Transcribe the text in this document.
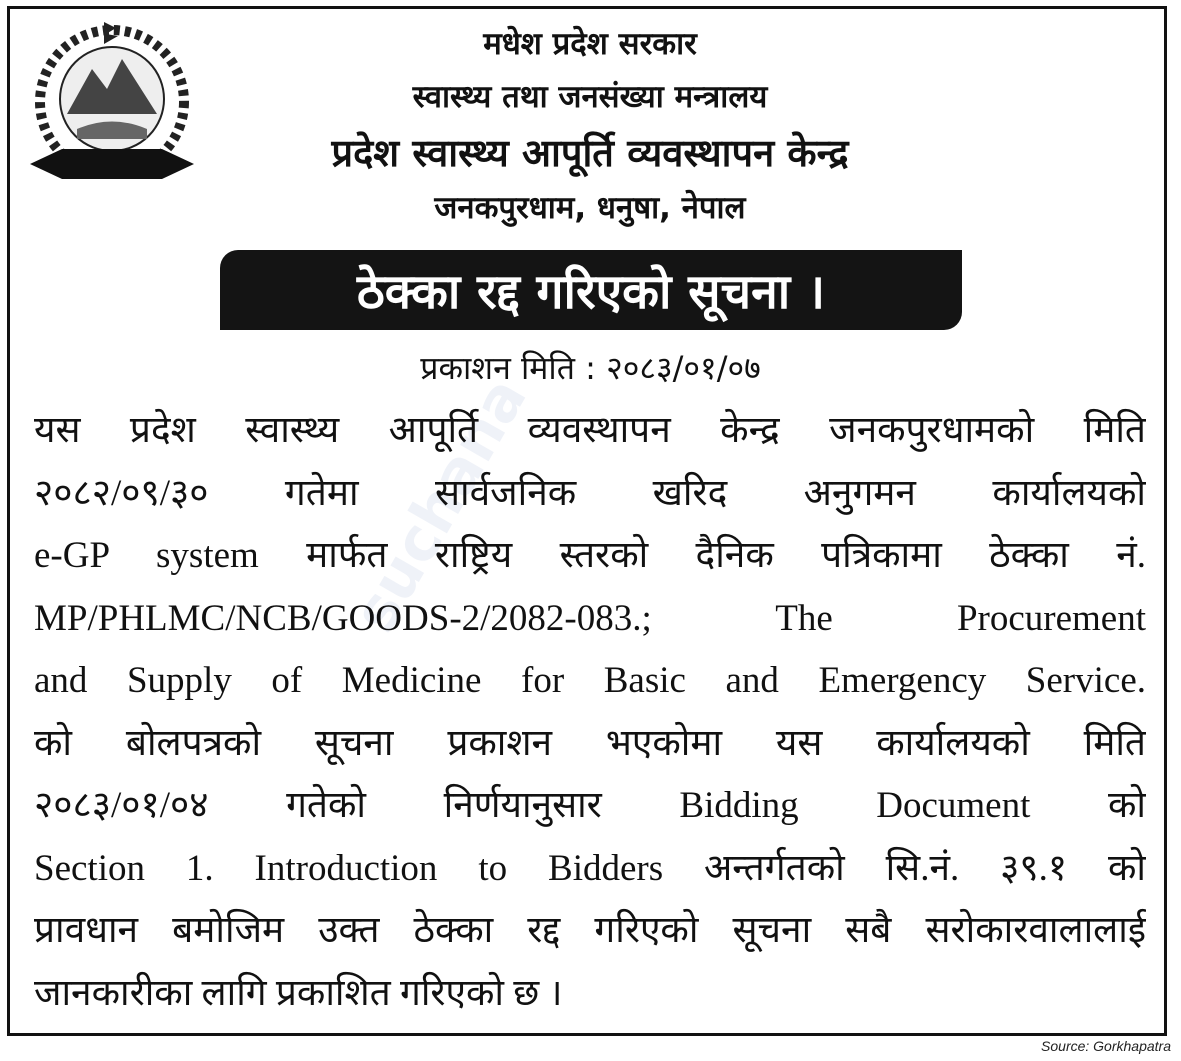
मधेश प्रदेश सरकार
स्वास्थ्य तथा जनसंख्या मन्त्रालय
प्रदेश स्वास्थ्य आपूर्ति व्यवस्थापन केन्द्र
जनकपुरधाम, धनुषा, नेपाल
ठेक्का रद्द गरिएको सूचना ।
प्रकाशन मिति : २०८३/०१/०७
suchana
यस प्रदेश स्वास्थ्य आपूर्ति व्यवस्थापन केन्द्र जनकपुरधामको मिति
२०८२/०९/३० गतेमा सार्वजनिक खरिद अनुगमन कार्यालयको
e-GP system मार्फत राष्ट्रिय स्तरको दैनिक पत्रिकामा ठेक्का नं.
MP/PHLMC/NCB/GOODS-2/2082-083.; The Procurement
and Supply of Medicine for Basic and Emergency Service.
को बोलपत्रको सूचना प्रकाशन भएकोमा यस कार्यालयको मिति
२०८३/०१/०४ गतेको निर्णयानुसार Bidding Document को
Section 1. Introduction to Bidders अन्तर्गतको सि.नं. ३९.१ को
प्रावधान बमोजिम उक्त ठेक्का रद्द गरिएको सूचना सबै सरोकारवालालाई
जानकारीका लागि प्रकाशित गरिएको छ ।
Source: Gorkhapatra
